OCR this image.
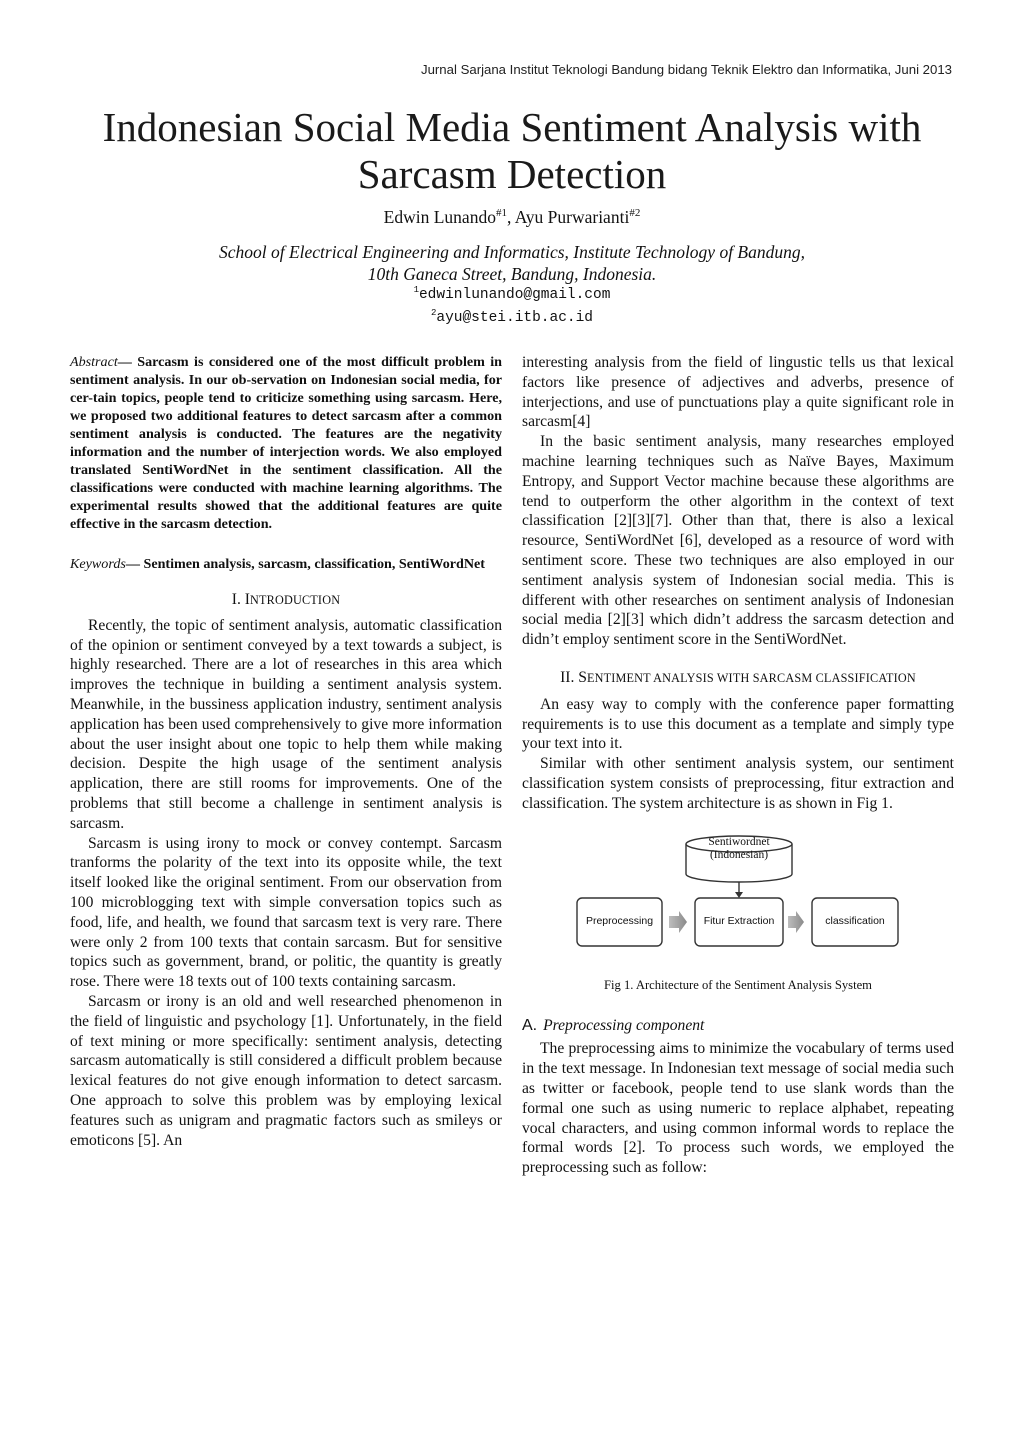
Jurnal Sarjana Institut Teknologi Bandung bidang Teknik Elektro dan Informatika, Juni 2013
Indonesian Social Media Sentiment Analysis with
Sarcasm Detection
Edwin Lunando$^{\#1}$, Ayu Purwarianti$^{\#2}$
School of Electrical Engineering and Informatics, Institute Technology of Bandung,
10th Ganeca Street, Bandung, Indonesia.
$^1$edwinlunando@gmail.com
$^2$ayu@stei.itb.ac.id

Abstract— Sarcasm is considered one of the most difficult problem in sentiment analysis. In our ob-servation on Indonesian social media, for cer-tain topics, people tend to criticize something using sarcasm. Here, we proposed two additional features to detect sarcasm after a common sentiment analysis is conducted. The features are the negativity information and the number of interjection words. We also employed translated SentiWordNet in the sentiment classification. All the classifications were conducted with machine learning algorithms. The experimental results showed that the additional features are quite effective in the sarcasm detection.

Keywords— Sentimen analysis, sarcasm, classification, SentiWordNet

I. INTRODUCTION

Recently, the topic of sentiment analysis, automatic classification of the opinion or sentiment conveyed by a text towards a subject, is highly researched. There are a lot of researches in this area which improves the technique in building a sentiment analysis system. Meanwhile, in the bussiness application industry, sentiment analysis application has been used comprehensively to give more information about the user insight about one topic to help them while making decision. Despite the high usage of the sentiment analysis application, there are still rooms for improvements. One of the problems that still become a challenge in sentiment analysis is sarcasm.

Sarcasm is using irony to mock or convey contempt. Sarcasm tranforms the polarity of the text into its opposite while, the text itself looked like the original sentiment. From our observation from 100 microblogging text with simple conversation topics such as food, life, and health, we found that sarcasm text is very rare. There were only 2 from 100 texts that contain sarcasm. But for sensitive topics such as government, brand, or politic, the quantity is greatly rose. There were 18 texts out of 100 texts containing sarcasm.

Sarcasm or irony is an old and well researched phenomenon in the field of linguistic and psychology [1]. Unfortunately, in the field of text mining or more specifically: sentiment analysis, detecting sarcasm automatically is still considered a difficult problem because lexical features do not give enough information to detect sarcasm. One approach to solve this problem was by employing lexical features such as unigram and pragmatic factors such as smileys or emoticons [5]. An

interesting analysis from the field of lingustic tells us that lexical factors like presence of adjectives and adverbs, presence of interjections, and use of punctuations play a quite significant role in sarcasm[4]

In the basic sentiment analysis, many researches employed machine learning techniques such as Naïve Bayes, Maximum Entropy, and Support Vector machine because these algorithms are tend to outperform the other algorithm in the context of text classification [2][3][7]. Other than that, there is also a lexical resource, SentiWordNet [6], developed as a resource of word with sentiment score. These two techniques are also employed in our sentiment analysis system of Indonesian social media. This is different with other researches on sentiment analysis of Indonesian social media [2][3] which didn’t address the sarcasm detection and didn’t employ sentiment score in the SentiWordNet.

II. SENTIMENT ANALYSIS WITH SARCASM CLASSIFICATION

An easy way to comply with the conference paper formatting requirements is to use this document as a template and simply type your text into it.

Similar with other sentiment analysis system, our sentiment classification system consists of preprocessing, fitur extraction and classification. The system architecture is as shown in Fig 1.

Sentiwordnet
(Indonesian)
Preprocessing	Fitur Extraction	classification
Fig 1. Architecture of the Sentiment Analysis System
A. Preprocessing component

The preprocessing aims to minimize the vocabulary of terms used in the text message. In Indonesian text message of social media such as twitter or facebook, people tend to use slank words than the formal one such as using numeric to replace alphabet, repeating vocal characters, and using common informal words to replace the formal words [2]. To process such words, we employed the preprocessing such as follow:
